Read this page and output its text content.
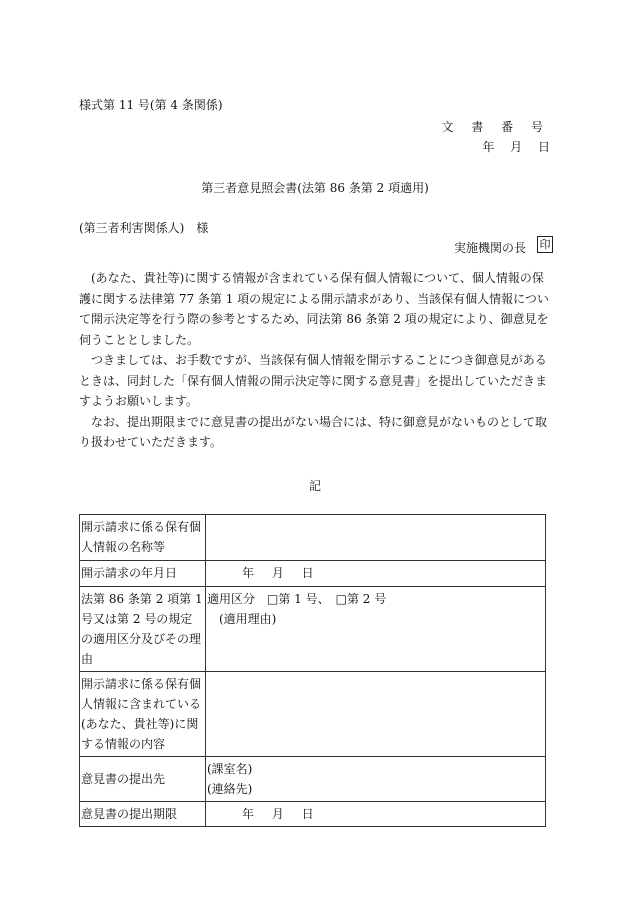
様式第 11 号(第 4 条関係)
文 書 番 号
年 月 日
第三者意見照会書(法第 86 条第 2 項適用)
(第三者利害関係人)　様
実施機関の長 印

(あなた、貴社等)に関する情報が含まれている保有個人情報について、個人情報の保護に関する法律第 77 条第 1 項の規定による開示請求があり、当該保有個人情報について開示決定等を行う際の参考とするため、同法第 86 条第 2 項の規定により、御意見を伺うこととしました。

つきましては、お手数ですが、当該保有個人情報を開示することにつき御意見があるときは、同封した「保有個人情報の開示決定等に関する意見書」を提出していただきますようお願いします。

なお、提出期限までに意見書の提出がない場合には、特に御意見がないものとして取り扱わせていただきます。

記
開示請求に係る保有個人情報の名称等	
開示請求の年月日	年 月 日
法第 86 条第 2 項第 1 号又は第 2 号の規定の適用区分及びその理由	適用区分　□第 1 号、　□第 2 号
(適用理由)

開示請求に係る保有個人情報に含まれている(あなた、貴社等)に関する情報の内容	
意見書の提出先	(課室名)
(連絡先)

意見書の提出期限	年 月 日
